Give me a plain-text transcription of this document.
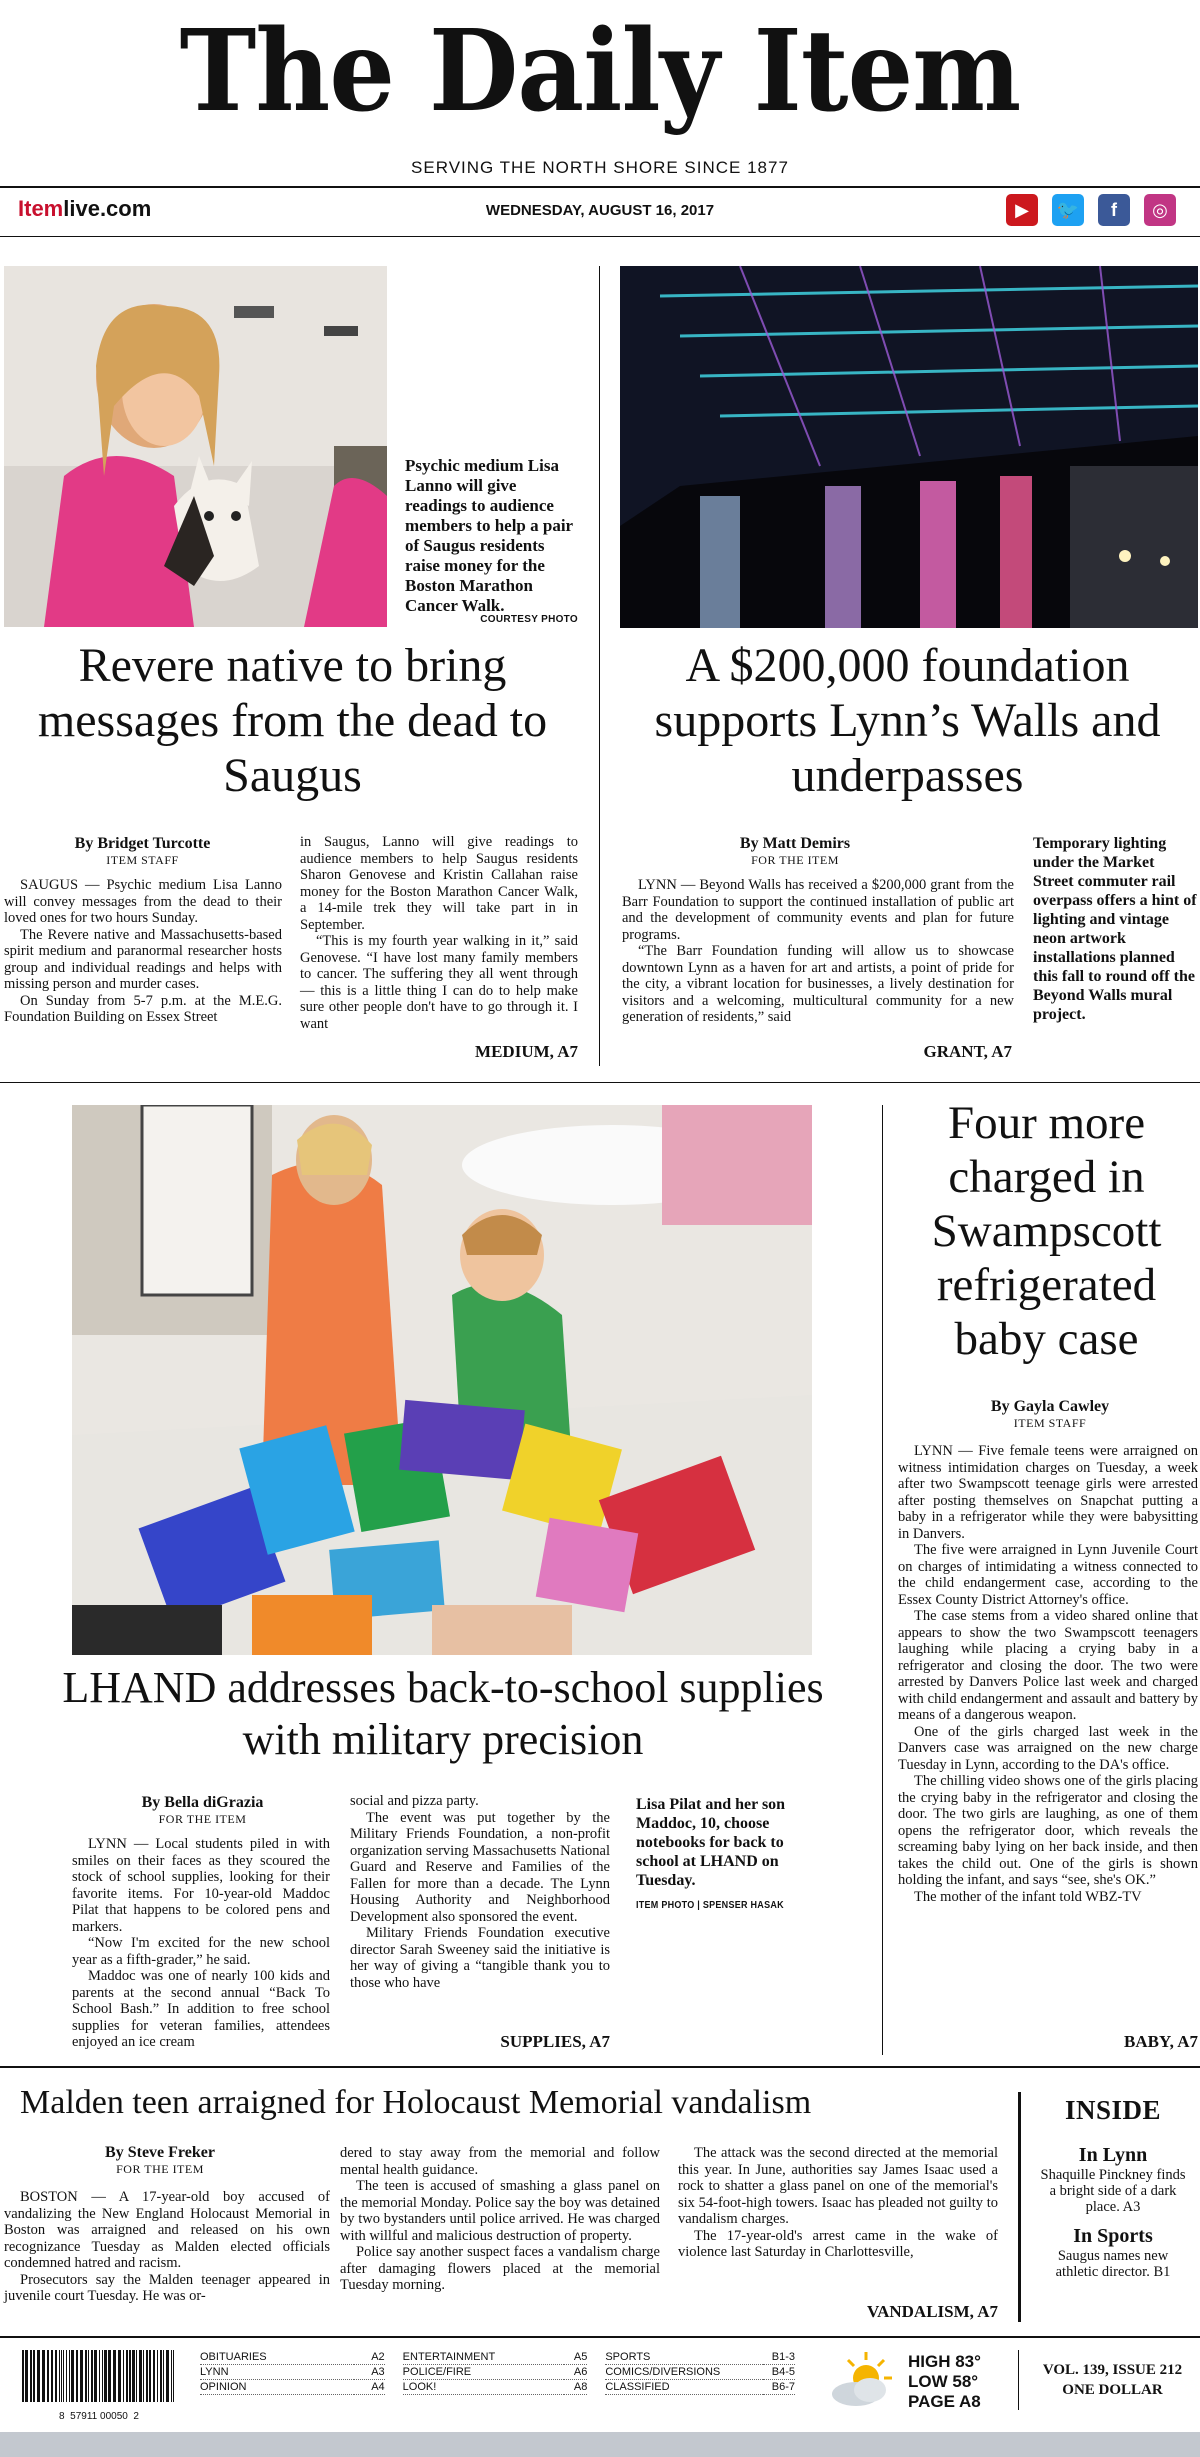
The Daily Item
SERVING THE NORTH SHORE SINCE 1877
Itemlive.com	WEDNESDAY, AUGUST 16, 2017	▶	🐦	f	◎
Psychic medium Lisa Lanno will give readings to audience members to help a pair of Saugus residents raise money for the Boston Marathon Cancer Walk.
COURTESY PHOTO
Revere native to bring messages from the dead to Saugus
By Bridget Turcotte
ITEM STAFF

SAUGUS — Psychic medium Lisa Lanno will convey messages from the dead to their loved ones for two hours Sunday.

The Revere native and Massachusetts-based spirit medium and paranormal researcher hosts group and individual readings and helps with missing person and murder cases.

On Sunday from 5-7 p.m. at the M.E.G. Foundation Building on Essex Street

in Saugus, Lanno will give readings to audience members to help Saugus residents Sharon Genovese and Kristin Callahan raise money for the Boston Marathon Cancer Walk, a 14-mile trek they will take part in in September.

“This is my fourth year walking in it,” said Genovese. “I have lost many family members to cancer. The suffering they all went through — this is a little thing I can do to help make sure other people don't have to go through it. I want

MEDIUM, A7
A $200,000 foundation supports Lynn’s Walls and underpasses
By Matt Demirs
FOR THE ITEM

LYNN — Beyond Walls has received a $200,000 grant from the Barr Foundation to support the continued installation of public art and the development of community events and plan for future programs.

“The Barr Foundation funding will allow us to showcase downtown Lynn as a haven for art and artists, a point of pride for the city, a vibrant location for businesses, a lively destination for visitors and a welcoming, multicultural community for a new generation of residents,” said

Temporary lighting under the Market Street commuter rail overpass offers a hint of lighting and vintage neon artwork installations planned this fall to round off the Beyond Walls mural project.
GRANT, A7
LHAND addresses back-to-school supplies with military precision
By Bella diGrazia
FOR THE ITEM

LYNN — Local students piled in with smiles on their faces as they scoured the stock of school supplies, looking for their favorite items. For 10-year-old Maddoc Pilat that happens to be colored pens and markers.

“Now I'm excited for the new school year as a fifth-grader,” he said.

Maddoc was one of nearly 100 kids and parents at the second annual “Back To School Bash.” In addition to free school supplies for veteran families, attendees enjoyed an ice cream

social and pizza party.

The event was put together by the Military Friends Foundation, a non-profit organization serving Massachusetts National Guard and Reserve and Families of the Fallen for more than a decade. The Lynn Housing Authority and Neighborhood Development also sponsored the event.

Military Friends Foundation executive director Sarah Sweeney said the initiative is her way of giving a “tangible thank you to those who have

Lisa Pilat and her son Maddoc, 10, choose notebooks for back to school at LHAND on Tuesday.
ITEM PHOTO | SPENSER HASAK
SUPPLIES, A7
Four more charged in Swampscott refrigerated baby case
By Gayla Cawley
ITEM STAFF

LYNN — Five female teens were arraigned on witness intimidation charges on Tuesday, a week after two Swampscott teenage girls were arrested after posting themselves on Snapchat putting a baby in a refrigerator while they were babysitting in Danvers.

The five were arraigned in Lynn Juvenile Court on charges of intimidating a witness connected to the child endangerment case, according to the Essex County District Attorney's office.

The case stems from a video shared online that appears to show the two Swampscott teenagers laughing while placing a crying baby in a refrigerator and closing the door. The two were arrested by Danvers Police last week and charged with child endangerment and assault and battery by means of a dangerous weapon.

One of the girls charged last week in the Danvers case was arraigned on the new charge Tuesday in Lynn, according to the DA's office.

The chilling video shows one of the girls placing the crying baby in the refrigerator and closing the door. The two girls are laughing, as one of them opens the refrigerator door, which reveals the screaming baby lying on her back inside, and then takes the child out. One of the girls is shown holding the infant, and says “see, she's OK.”

The mother of the infant told WBZ-TV

BABY, A7
Malden teen arraigned for Holocaust Memorial vandalism
By Steve Freker
FOR THE ITEM

BOSTON — A 17-year-old boy accused of vandalizing the New England Holocaust Memorial in Boston was arraigned and released on his own recognizance Tuesday as Malden elected officials condemned hatred and racism.

Prosecutors say the Malden teenager appeared in juvenile court Tuesday. He was or-

dered to stay away from the memorial and follow mental health guidance.

The teen is accused of smashing a glass panel on the memorial Monday. Police say the boy was detained by two bystanders until police arrived. He was charged with willful and malicious destruction of property.

Police say another suspect faces a vandalism charge after damaging flowers placed at the memorial Tuesday morning.

The attack was the second directed at the memorial this year. In June, authorities say James Isaac used a rock to shatter a glass panel on one of the memorial's six 54-foot-high towers. Isaac has pleaded not guilty to vandalism charges.

The 17-year-old's arrest came in the wake of violence last Saturday in Charlottesville,

VANDALISM, A7
INSIDE
In Lynn
Shaquille Pinckney finds a bright side of a dark place. A3
In Sports
Saugus names new athletic director. B1
8  57911 00050  2
OBITUARIES	A2
LYNN	A3
OPINION	A4
ENTERTAINMENT	A5
POLICE/FIRE	A6
LOOK!	A8
SPORTS	B1-3
COMICS/DIVERSIONS	B4-5
CLASSIFIED	B6-7
HIGH 83°
LOW 58°
PAGE A8
VOL. 139, ISSUE 212
ONE DOLLAR
